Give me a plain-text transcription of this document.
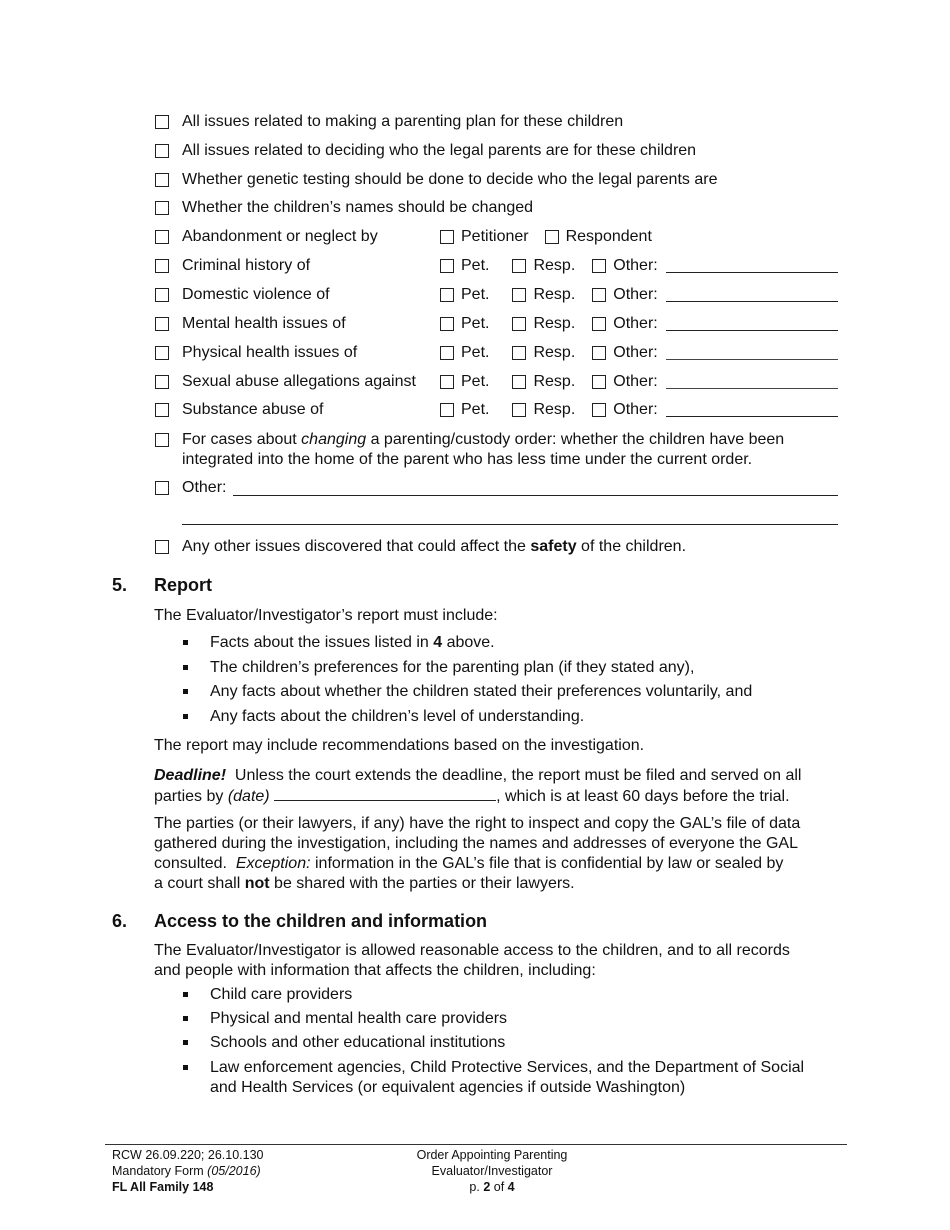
All issues related to making a parenting plan for these children
All issues related to deciding who the legal parents are for these children
Whether genetic testing should be done to decide who the legal parents are
Whether the children’s names should be changed
Abandonment or neglect by	Petitioner Respondent
Criminal history of	Pet.	Resp. Other:
Domestic violence of	Pet.	Resp. Other:
Mental health issues of	Pet.	Resp. Other:
Physical health issues of	Pet.	Resp. Other:
Sexual abuse allegations against	Pet.	Resp. Other:
Substance abuse of	Pet.	Resp. Other:
For cases about changing a parenting/custody order: whether the children have been
integrated into the home of the parent who has less time under the current order.
Other:
Any other issues discovered that could affect the safety of the children.
5. Report
The Evaluator/Investigator’s report must include:
Facts about the issues listed in 4 above.
The children’s preferences for the parenting plan (if they stated any),
Any facts about whether the children stated their preferences voluntarily, and
Any facts about the children’s level of understanding.
The report may include recommendations based on the investigation.
Deadline!  Unless the court extends the deadline, the report must be filed and served on all
parties by (date)	, which is at least 60 days before the trial.
The parties (or their lawyers, if any) have the right to inspect and copy the GAL’s file of data
gathered during the investigation, including the names and addresses of everyone the GAL
consulted.  Exception: information in the GAL’s file that is confidential by law or sealed by
a court shall not be shared with the parties or their lawyers.
6. Access to the children and information
The Evaluator/Investigator is allowed reasonable access to the children, and to all records
and people with information that affects the children, including:
Child care providers
Physical and mental health care providers
Schools and other educational institutions
Law enforcement agencies, Child Protective Services, and the Department of Social
and Health Services (or equivalent agencies if outside Washington)
RCW 26.09.220; 26.10.130
Mandatory Form (05/2016)
FL All Family 148
Order Appointing Parenting
Evaluator/Investigator
p. 2 of 4
